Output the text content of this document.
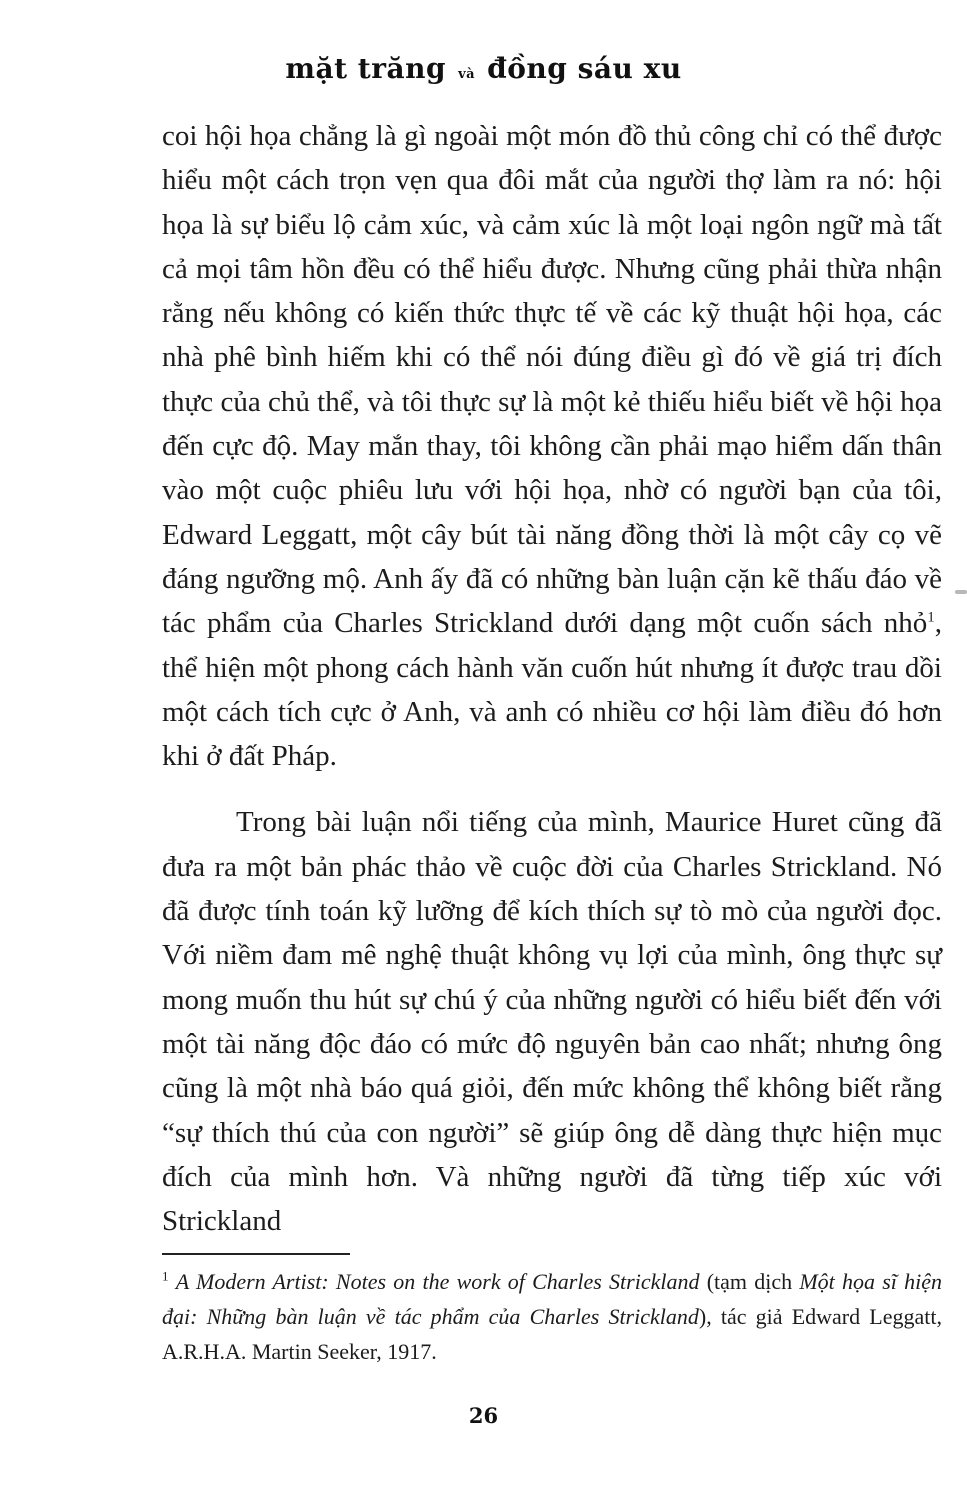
mặt trăng và đồng sáu xu

coi hội họa chẳng là gì ngoài một món đồ thủ công chỉ có thể được hiểu một cách trọn vẹn qua đôi mắt của người thợ làm ra nó: hội họa là sự biểu lộ cảm xúc, và cảm xúc là một loại ngôn ngữ mà tất cả mọi tâm hồn đều có thể hiểu được. Nhưng cũng phải thừa nhận rằng nếu không có kiến thức thực tế về các kỹ thuật hội họa, các nhà phê bình hiếm khi có thể nói đúng điều gì đó về giá trị đích thực của chủ thể, và tôi thực sự là một kẻ thiếu hiểu biết về hội họa đến cực độ. May mắn thay, tôi không cần phải mạo hiểm dấn thân vào một cuộc phiêu lưu với hội họa, nhờ có người bạn của tôi, Edward Leggatt, một cây bút tài năng đồng thời là một cây cọ vẽ đáng ngưỡng mộ. Anh ấy đã có những bàn luận cặn kẽ thấu đáo về tác phẩm của Charles Strickland dưới dạng một cuốn sách nhỏ$^1$, thể hiện một phong cách hành văn cuốn hút nhưng ít được trau dồi một cách tích cực ở Anh, và anh có nhiều cơ hội làm điều đó hơn khi ở đất Pháp.

Trong bài luận nổi tiếng của mình, Maurice Huret cũng đã đưa ra một bản phác thảo về cuộc đời của Charles Strickland. Nó đã được tính toán kỹ lưỡng để kích thích sự tò mò của người đọc. Với niềm đam mê nghệ thuật không vụ lợi của mình, ông thực sự mong muốn thu hút sự chú ý của những người có hiểu biết đến với một tài năng độc đáo có mức độ nguyên bản cao nhất; nhưng ông cũng là một nhà báo quá giỏi, đến mức không thể không biết rằng “sự thích thú của con người” sẽ giúp ông dễ dàng thực hiện mục đích của mình hơn. Và những người đã từng tiếp xúc với Strickland

$^1$ A Modern Artist: Notes on the work of Charles Strickland (tạm dịch Một họa sĩ hiện đại: Những bàn luận về tác phẩm của Charles Strickland), tác giả Edward Leggatt, A.R.H.A. Martin Seeker, 1917.
26
